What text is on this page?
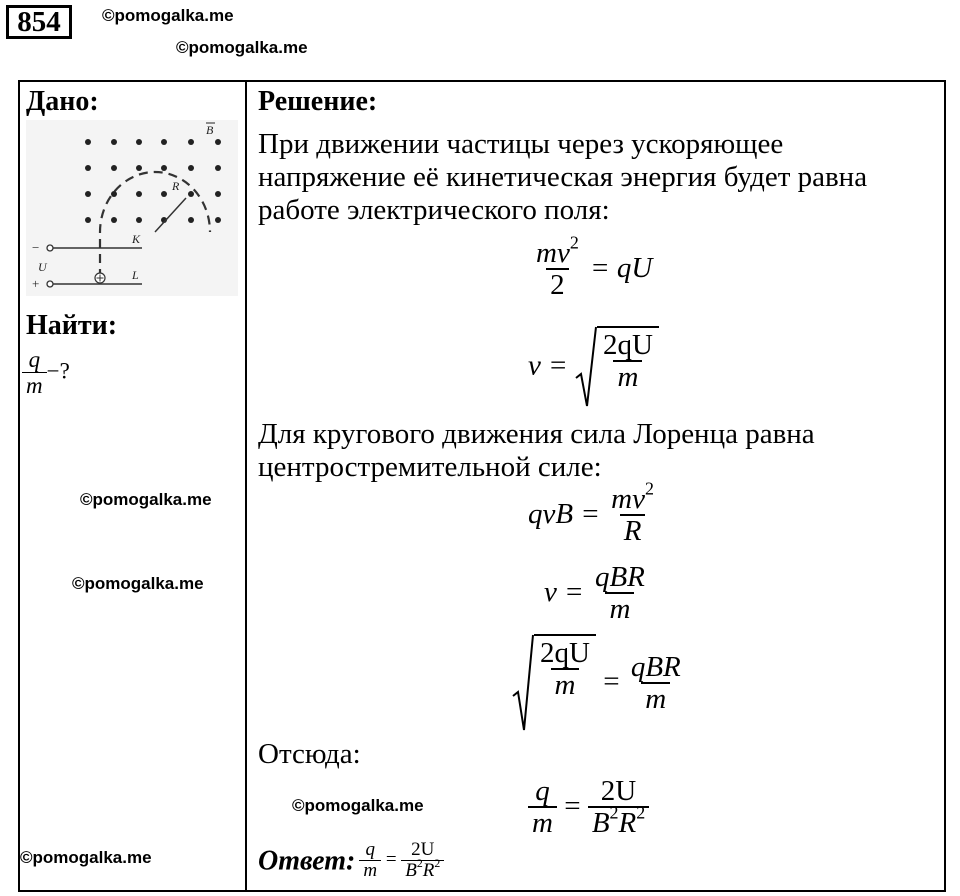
854	©pomogalka.me
©pomogalka.me
©pomogalka.me
©pomogalka.me
©pomogalka.me
©pomogalka.me
Дано:
R
B
−
+
U
K
L
Найти:
$\frac{q}{m}$ −?
Решение:
При движении частицы через ускоряющее
напряжение её кинетическая энергия будет равна
работе электрического поля:
$\frac{mv^2}{2}$ = qU
$v = \frac{2qU}{m}$
Для кругового движения сила Лоренца равна
центростремительной силе:
qvB = $\frac{mv^2}{R}$
$v = \frac{\text{qBR}}{m}$
$\frac{2qU}{m} = \frac{\text{qBR}}{m}$
Отсюда:
$\frac{q}{m} = \frac{2U}{B^2R^2}$
Ответ: $\frac{q}{m} = \frac{2U}{B^2R^2}$
